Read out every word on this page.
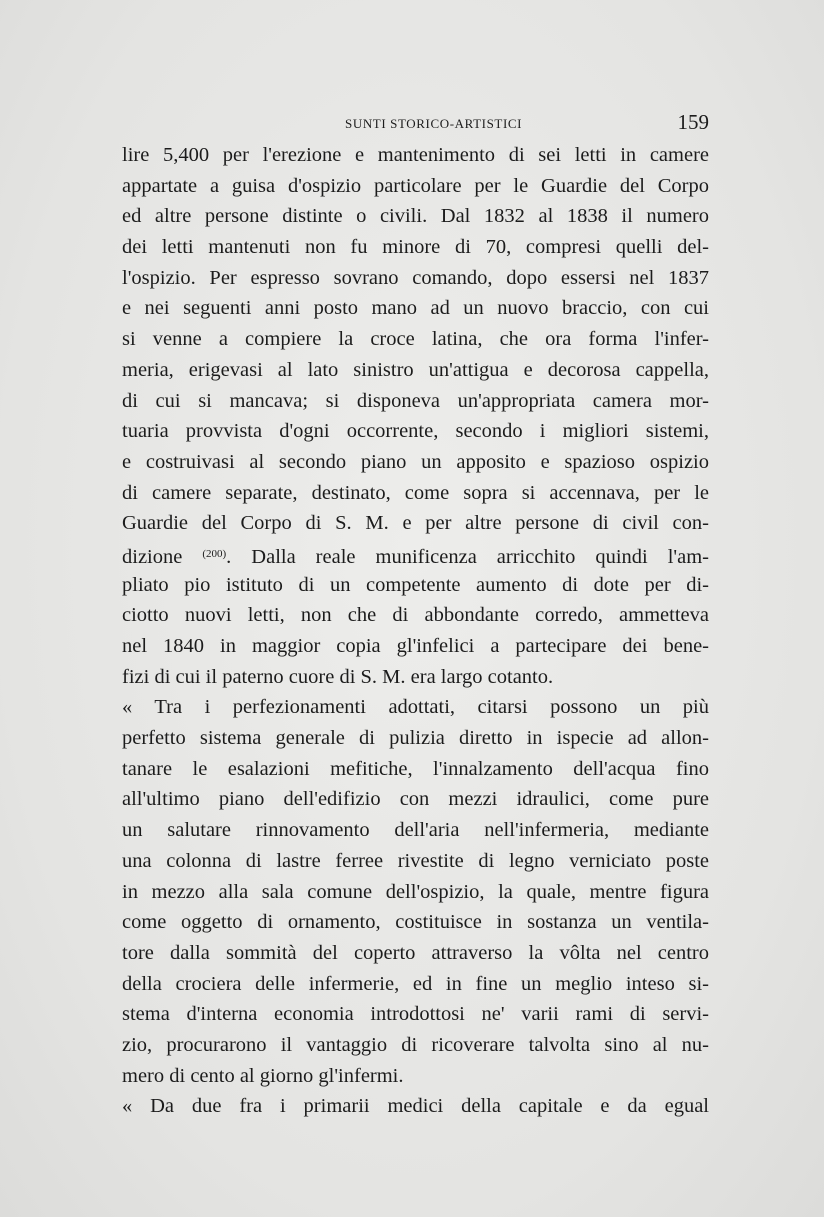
SUNTI STORICO-ARTISTICI	159
lire 5,400 per l'erezione e mantenimento di sei letti in camere
appartate a guisa d'ospizio particolare per le Guardie del Corpo
ed altre persone distinte o civili. Dal 1832 al 1838 il numero
dei letti mantenuti non fu minore di 70, compresi quelli del-
l'ospizio. Per espresso sovrano comando, dopo essersi nel 1837
e nei seguenti anni posto mano ad un nuovo braccio, con cui
si venne a compiere la croce latina, che ora forma l'infer-
meria, erigevasi al lato sinistro un'attigua e decorosa cappella,
di cui si mancava; si disponeva un'appropriata camera mor-
tuaria provvista d'ogni occorrente, secondo i migliori sistemi,
e costruivasi al secondo piano un apposito e spazioso ospizio
di camere separate, destinato, come sopra si accennava, per le
Guardie del Corpo di S. M. e per altre persone di civil con-
dizione $^{(200)}$. Dalla reale munificenza arricchito quindi l'am-
pliato pio istituto di un competente aumento di dote per di-
ciotto nuovi letti, non che di abbondante corredo, ammetteva
nel 1840 in maggior copia gl'infelici a partecipare dei bene-
fizi di cui il paterno cuore di S. M. era largo cotanto.
« Tra i perfezionamenti adottati, citarsi possono un più
perfetto sistema generale di pulizia diretto in ispecie ad allon-
tanare le esalazioni mefitiche, l'innalzamento dell'acqua fino
all'ultimo piano dell'edifizio con mezzi idraulici, come pure
un salutare rinnovamento dell'aria nell'infermeria, mediante
una colonna di lastre ferree rivestite di legno verniciato poste
in mezzo alla sala comune dell'ospizio, la quale, mentre figura
come oggetto di ornamento, costituisce in sostanza un ventila-
tore dalla sommità del coperto attraverso la vôlta nel centro
della crociera delle infermerie, ed in fine un meglio inteso si-
stema d'interna economia introdottosi ne' varii rami di servi-
zio, procurarono il vantaggio di ricoverare talvolta sino al nu-
mero di cento al giorno gl'infermi.
« Da due fra i primarii medici della capitale e da egual
